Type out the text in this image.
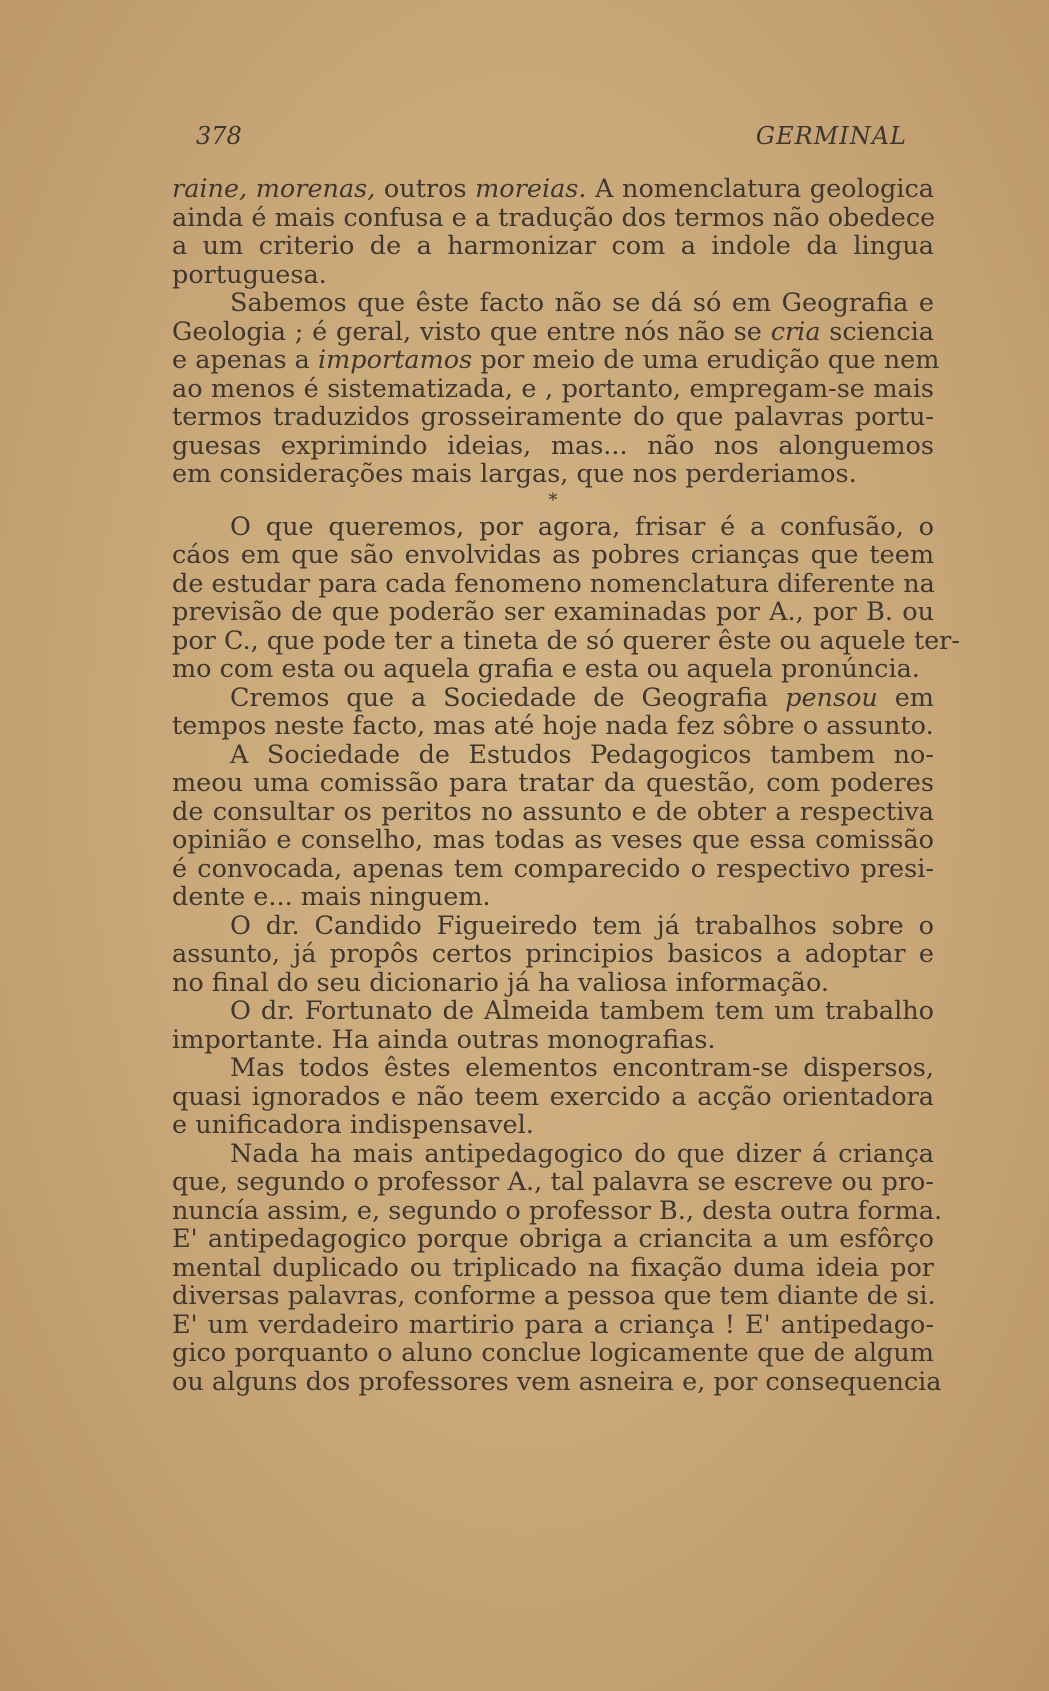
378	GERMINAL
raine, morenas, outros moreias. A nomenclatura geologica
ainda é mais confusa e a tradução dos termos não obedece
a um criterio de a harmonizar com a indole da lingua
portuguesa.
Sabemos que êste facto não se dá só em Geografia e
Geologia ; é geral, visto que entre nós não se cria sciencia
e apenas a importamos por meio de uma erudição que nem
ao menos é sistematizada, e , portanto, empregam-se mais
termos traduzidos grosseiramente do que palavras portu-
guesas exprimindo ideias, mas... não nos alonguemos
em considerações mais largas, que nos perderiamos.
*
O que queremos, por agora, frisar é a confusão, o
cáos em que são envolvidas as pobres crianças que teem
de estudar para cada fenomeno nomenclatura diferente na
previsão de que poderão ser examinadas por A., por B. ou
por C., que pode ter a tineta de só querer êste ou aquele ter-
mo com esta ou aquela grafia e esta ou aquela pronúncia.
Cremos que a Sociedade de Geografia pensou em
tempos neste facto, mas até hoje nada fez sôbre o assunto.
A Sociedade de Estudos Pedagogicos tambem no-
meou uma comissão para tratar da questão, com poderes
de consultar os peritos no assunto e de obter a respectiva
opinião e conselho, mas todas as veses que essa comissão
é convocada, apenas tem comparecido o respectivo presi-
dente e... mais ninguem.
O dr. Candido Figueiredo tem já trabalhos sobre o
assunto, já propôs certos principios basicos a adoptar e
no final do seu dicionario já ha valiosa informação.
O dr. Fortunato de Almeida tambem tem um trabalho
importante. Ha ainda outras monografias.
Mas todos êstes elementos encontram-se dispersos,
quasi ignorados e não teem exercido a acção orientadora
e unificadora indispensavel.
Nada ha mais antipedagogico do que dizer á criança
que, segundo o professor A., tal palavra se escreve ou pro-
nuncía assim, e, segundo o professor B., desta outra forma.
E' antipedagogico porque obriga a criancita a um esfôrço
mental duplicado ou triplicado na fixação duma ideia por
diversas palavras, conforme a pessoa que tem diante de si.
E' um verdadeiro martirio para a criança ! E' antipedago-
gico porquanto o aluno conclue logicamente que de algum
ou alguns dos professores vem asneira e, por consequencia
